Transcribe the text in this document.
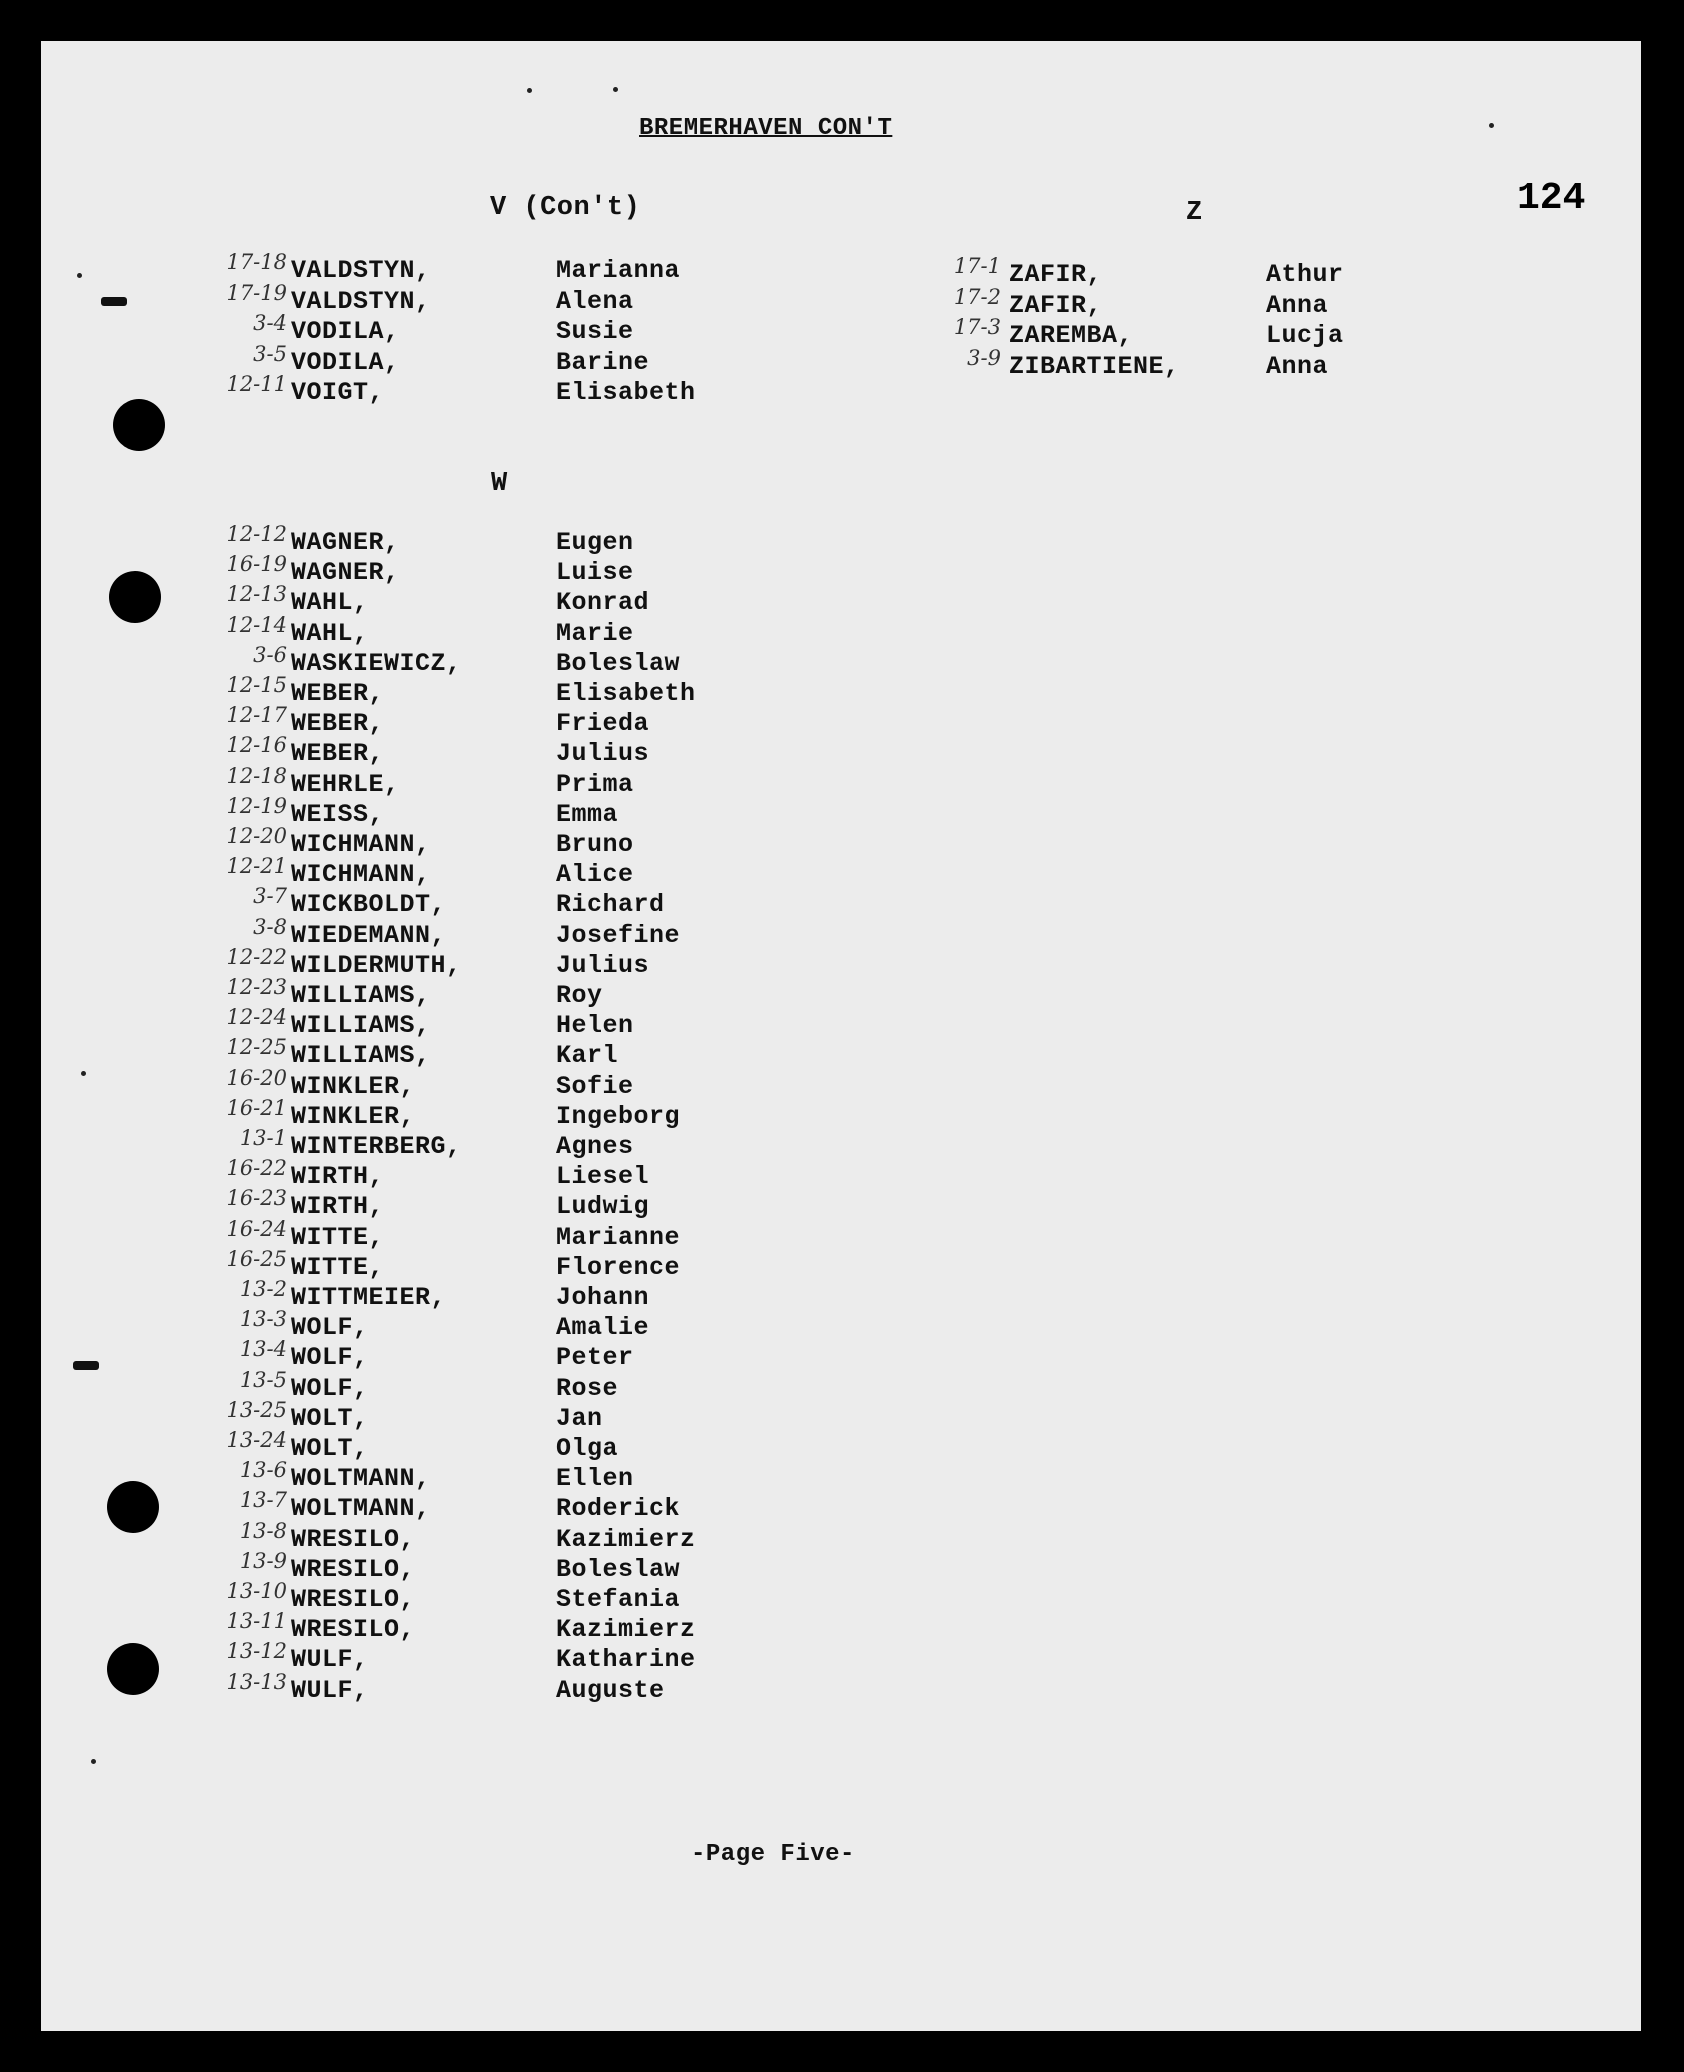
BREMERHAVEN CON'T
124
V (Con't)	Z
W
17-18 VALDSTYN,	Marianna
17-19 VALDSTYN,	Alena
3-4 VODILA,	Susie
3-5 VODILA,	Barine
12-11 VOIGT,	Elisabeth
12-12 WAGNER,	Eugen
16-19 WAGNER,	Luise
12-13 WAHL,	Konrad
12-14 WAHL,	Marie
3-6 WASKIEWICZ,	Boleslaw
12-15 WEBER,	Elisabeth
12-17 WEBER,	Frieda
12-16 WEBER,	Julius
12-18 WEHRLE,	Prima
12-19 WEISS,	Emma
12-20 WICHMANN,	Bruno
12-21 WICHMANN,	Alice
3-7 WICKBOLDT,	Richard
3-8 WIEDEMANN,	Josefine
12-22 WILDERMUTH,	Julius
12-23 WILLIAMS,	Roy
12-24 WILLIAMS,	Helen
12-25 WILLIAMS,	Karl
16-20 WINKLER,	Sofie
16-21 WINKLER,	Ingeborg
13-1 WINTERBERG,	Agnes
16-22 WIRTH,	Liesel
16-23 WIRTH,	Ludwig
16-24 WITTE,	Marianne
16-25 WITTE,	Florence
13-2 WITTMEIER,	Johann
13-3 WOLF,	Amalie
13-4 WOLF,	Peter
13-5 WOLF,	Rose
13-25 WOLT,	Jan
13-24 WOLT,	Olga
13-6 WOLTMANN,	Ellen
13-7 WOLTMANN,	Roderick
13-8 WRESILO,	Kazimierz
13-9 WRESILO,	Boleslaw
13-10 WRESILO,	Stefania
13-11 WRESILO,	Kazimierz
13-12 WULF,	Katharine
13-13 WULF,	Auguste
17-1 ZAFIR,	Athur
17-2 ZAFIR,	Anna
17-3 ZAREMBA,	Lucja
3-9 ZIBARTIENE,	Anna
-Page Five-
